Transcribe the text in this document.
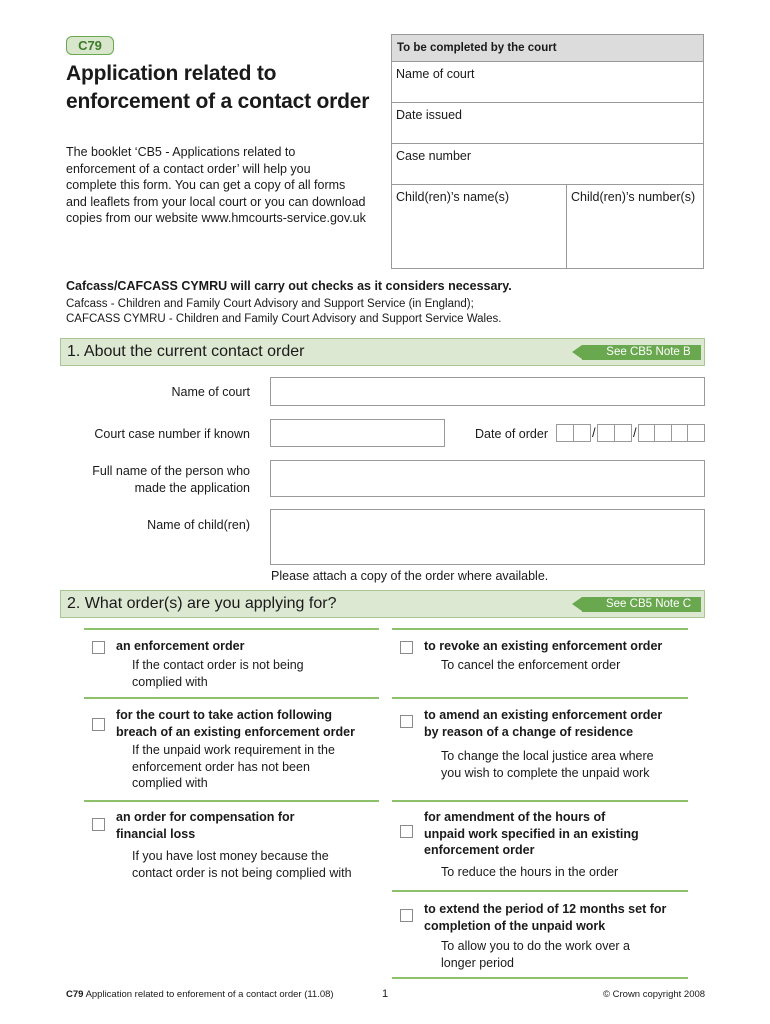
C79
Application related to
enforcement of a contact order
The booklet ‘CB5 - Applications related to
enforcement of a contact order’ will help you
complete this form. You can get a copy of all forms
and leaflets from your local court or you can download
copies from our website www.hmcourts-service.gov.uk
To be completed by the court
Name of court
Date issued
Case number
Child(ren)’s name(s)	Child(ren)’s number(s)
Cafcass/CAFCASS CYMRU will carry out checks as it considers necessary.
Cafcass - Children and Family Court Advisory and Support Service (in England);
CAFCASS CYMRU - Children and Family Court Advisory and Support Service Wales.
1. About the current contact order	See CB5 Note B
Name of court
Court case number if known	Date of order	/	/
Full name of the person who
made the application
Name of child(ren)
Please attach a copy of the order where available.
2. What order(s) are you applying for?	See CB5 Note C
an enforcement order
If the contact order is not being
complied with
for the court to take action following
breach of an existing enforcement order
If the unpaid work requirement in the
enforcement order has not been
complied with
an order for compensation for
financial loss
If you have lost money because the
contact order is not being complied with
to revoke an existing enforcement order
To cancel the enforcement order
to amend an existing enforcement order
by reason of a change of residence
To change the local justice area where
you wish to complete the unpaid work
for amendment of the hours of
unpaid work specified in an existing
enforcement order
To reduce the hours in the order
to extend the period of 12 months set for
completion of the unpaid work
To allow you to do the work over a
longer period
C79 Application related to enforement of a contact order (11.08)	1	© Crown copyright 2008
